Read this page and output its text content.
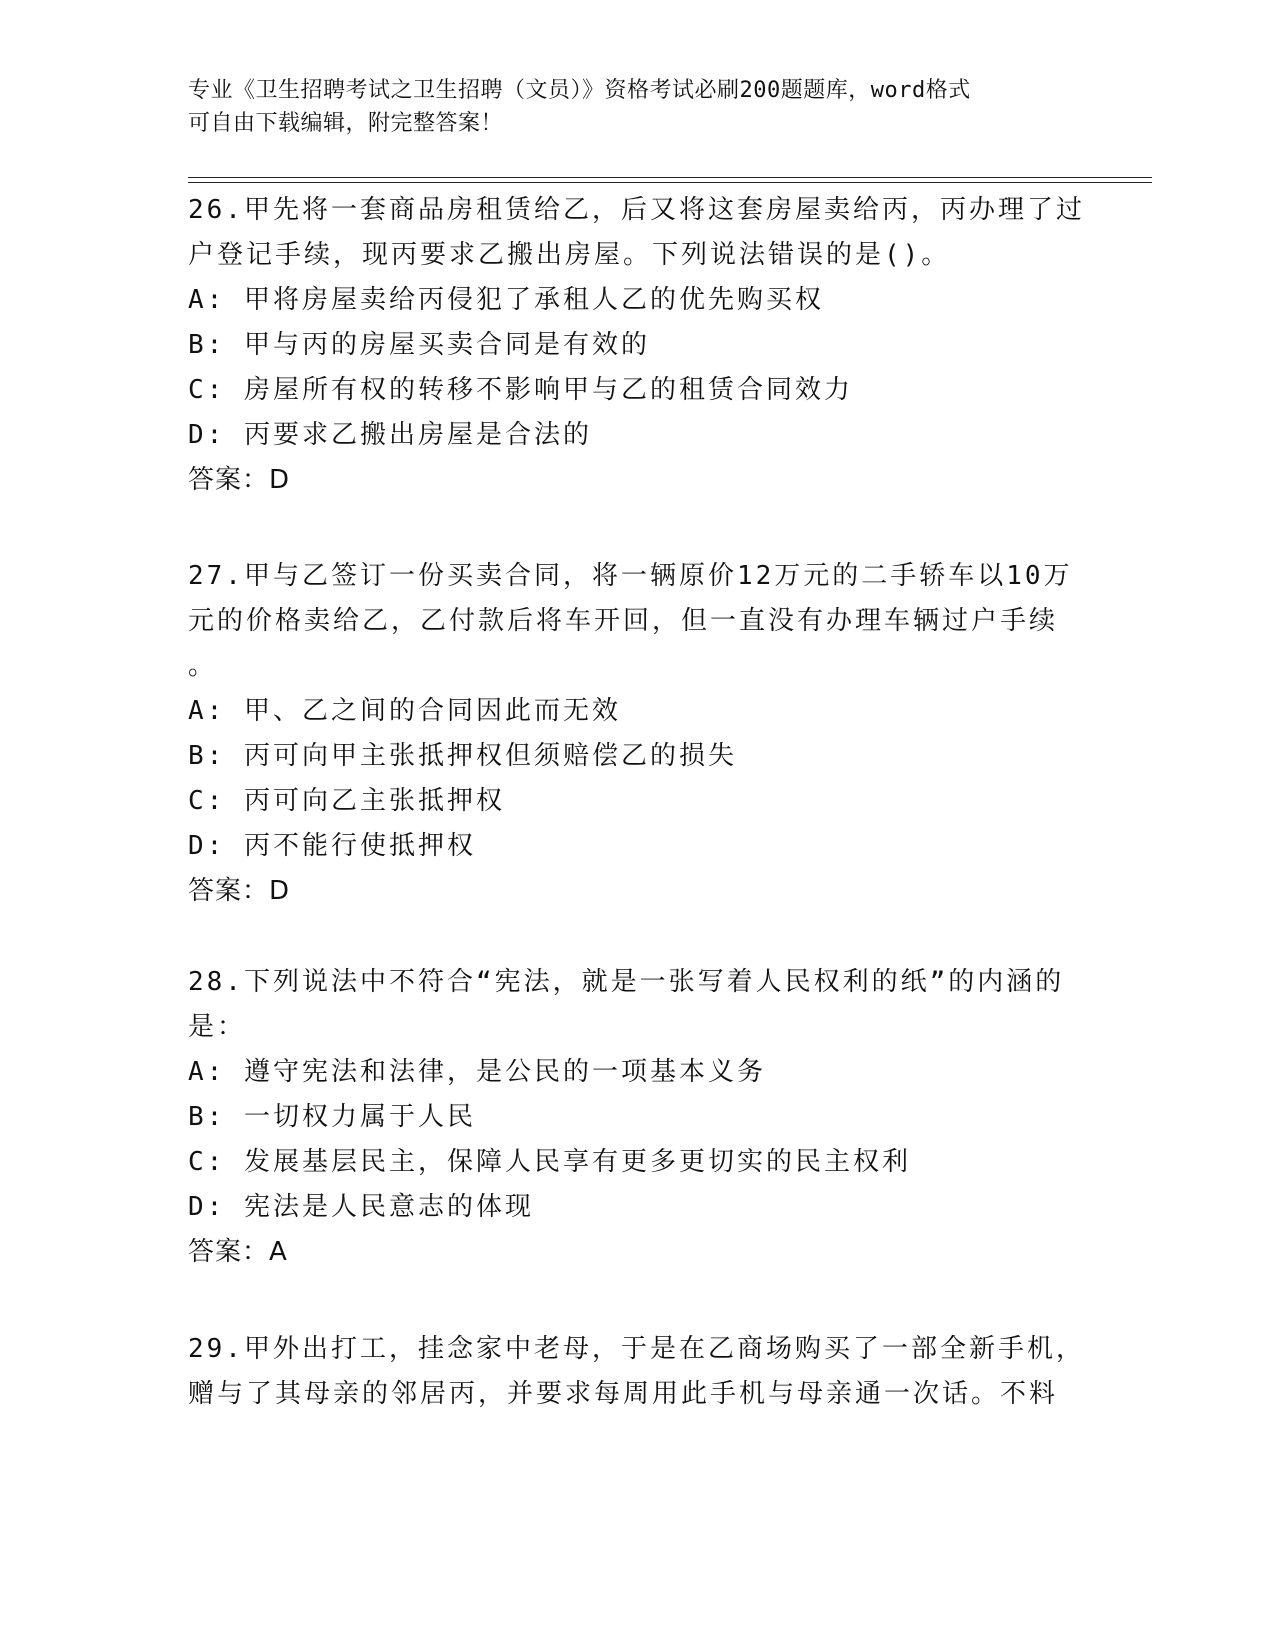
专业《卫生招聘考试之卫生招聘（文员）》资格考试必刷200题题库，word格式
可自由下载编辑，附完整答案！
26.甲先将一套商品房租赁给乙，后又将这套房屋卖给丙，丙办理了过
户登记手续，现丙要求乙搬出房屋。下列说法错误的是()。
A: 甲将房屋卖给丙侵犯了承租人乙的优先购买权
B: 甲与丙的房屋买卖合同是有效的
C: 房屋所有权的转移不影响甲与乙的租赁合同效力
D: 丙要求乙搬出房屋是合法的
答案：D
27.甲与乙签订一份买卖合同，将一辆原价12万元的二手轿车以10万
元的价格卖给乙，乙付款后将车开回，但一直没有办理车辆过户手续
。
A: 甲、乙之间的合同因此而无效
B: 丙可向甲主张抵押权但须赔偿乙的损失
C: 丙可向乙主张抵押权
D: 丙不能行使抵押权
答案：D
28.下列说法中不符合“宪法，就是一张写着人民权利的纸”的内涵的
是：
A: 遵守宪法和法律，是公民的一项基本义务
B: 一切权力属于人民
C: 发展基层民主，保障人民享有更多更切实的民主权利
D: 宪法是人民意志的体现
答案：A
29.甲外出打工，挂念家中老母，于是在乙商场购买了一部全新手机，
赠与了其母亲的邻居丙，并要求每周用此手机与母亲通一次话。不料
